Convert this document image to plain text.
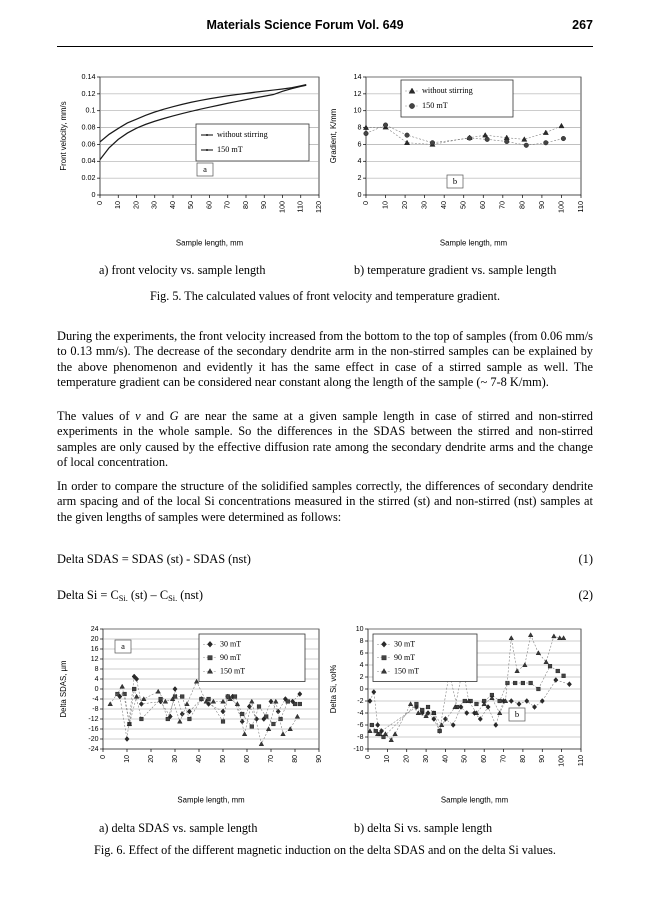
Materials Science Forum Vol. 649	267
0 10 20 30 40 50 60 70 80 90 100 110 120
0
0.02
0.04
0.06
0.08
0.1
0.12
0.14
Sample length, mm
Front velocity, mm/s	a
without stirring
150 mT
0 10 20 30 40 50 60 70 80 90 100 110
0
2
4
6
8
10
12
14
Sample length, mm
Gradient, K/mm
b
without stirring
150 mT
a) front velocity vs. sample length	b) temperature gradient vs. sample length
Fig. 5. The calculated values of front velocity and temperature gradient.
During the experiments, the front velocity increased from the bottom to the top of samples (from 0.06 mm/s to 0.13 mm/s). The decrease of the secondary dendrite arm in the non-stirred samples can be explained by the above phenomenon and evidently it has the same effect in case of a stirred sample as well. The temperature gradient can be considered near constant along the length of the sample (~ 7-8 K/mm).
The values of v and G are near the same at a given sample length in case of stirred and non-stirred experiments in the whole sample. So the differences in the SDAS between the stirred and non-stirred samples are only caused by the effective diffusion rate among the secondary dendrite arms and the change of local concentration.
In order to compare the structure of the solidified samples correctly, the differences of secondary dendrite arm spacing and of the local Si concentrations measured in the stirred (st) and non-stirred (nst) samples at the given lengths of samples were determined as follows:
Delta SDAS = SDAS (st) - SDAS (nst)	(1)
Delta $Si = C_{Si.}$ $(st) - C_{Si.}$ (nst)	(2)
0 10 20 30 40 50 60 70 80 90
-24
-20
-16
-12
-8
-4
0
4
8
12
16
20
24
Sample length, mm
Delta SDAS, µm
a	30 mT
90 mT
150 mT
0 10 20 30 40 50 60 70 80 90 100 110
-10
-8
-6
-4
-2
0
2
4
6
8
10
Sample length, mm
Delta Si, vol%
b
30 mT
90 mT
150 mT
a) delta SDAS vs. sample length	b) delta Si vs. sample length
Fig. 6. Effect of the different magnetic induction on the delta SDAS and on the delta Si values.
